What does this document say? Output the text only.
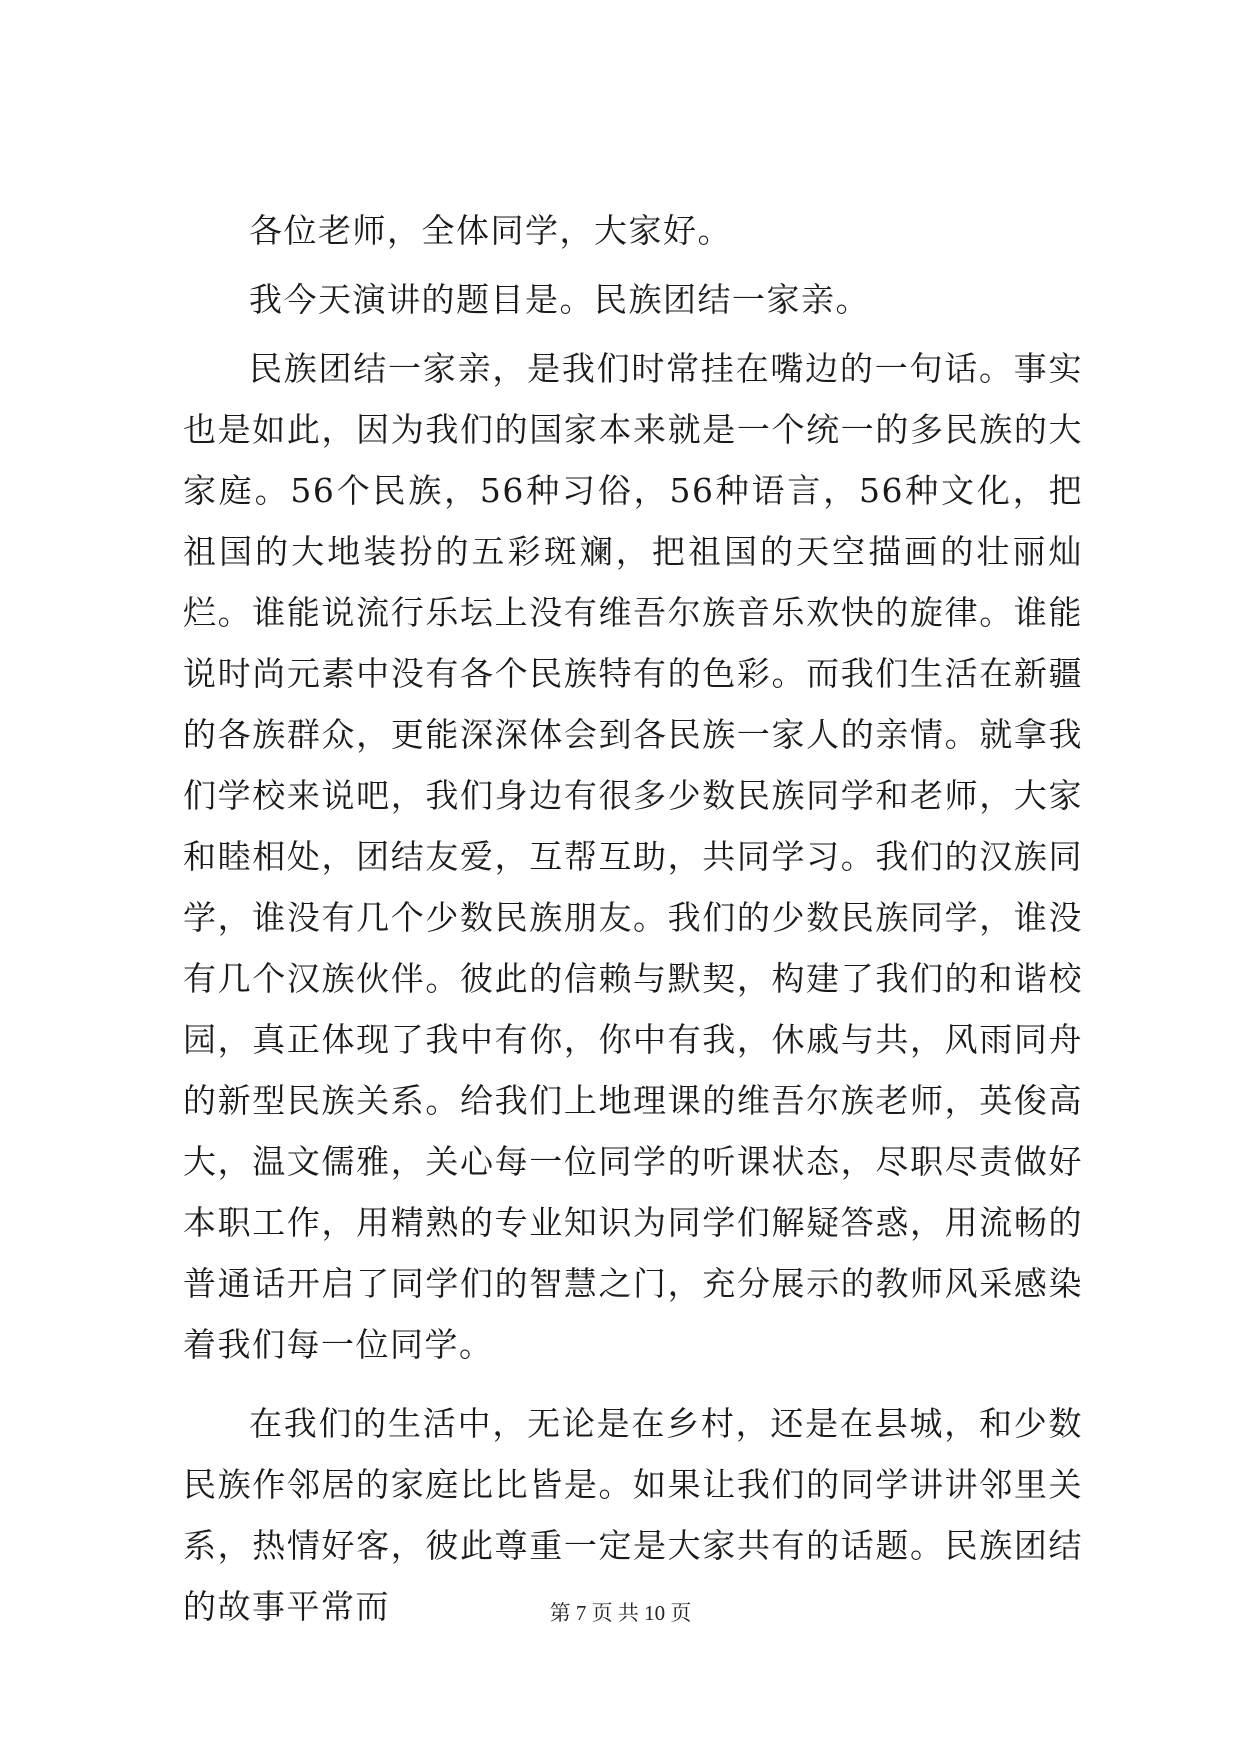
各位老师，全体同学，大家好。

我今天演讲的题目是。民族团结一家亲。

民族团结一家亲，是我们时常挂在嘴边的一句话。事实也是如此，因为我们的国家本来就是一个统一的多民族的大家庭。56个民族，56种习俗，56种语言，56种文化，把祖国的大地装扮的五彩斑斓，把祖国的天空描画的壮丽灿烂。谁能说流行乐坛上没有维吾尔族音乐欢快的旋律。谁能说时尚元素中没有各个民族特有的色彩。而我们生活在新疆的各族群众，更能深深体会到各民族一家人的亲情。就拿我们学校来说吧，我们身边有很多少数民族同学和老师，大家和睦相处，团结友爱，互帮互助，共同学习。我们的汉族同学，谁没有几个少数民族朋友。我们的少数民族同学，谁没有几个汉族伙伴。彼此的信赖与默契，构建了我们的和谐校园，真正体现了我中有你，你中有我，休戚与共，风雨同舟的新型民族关系。给我们上地理课的维吾尔族老师，英俊高大，温文儒雅，关心每一位同学的听课状态，尽职尽责做好本职工作，用精熟的专业知识为同学们解疑答惑，用流畅的普通话开启了同学们的智慧之门，充分展示的教师风采感染着我们每一位同学。

在我们的生活中，无论是在乡村，还是在县城，和少数民族作邻居的家庭比比皆是。如果让我们的同学讲讲邻里关系，热情好客，彼此尊重一定是大家共有的话题。民族团结的故事平常而	第 7 页 共 10 页
